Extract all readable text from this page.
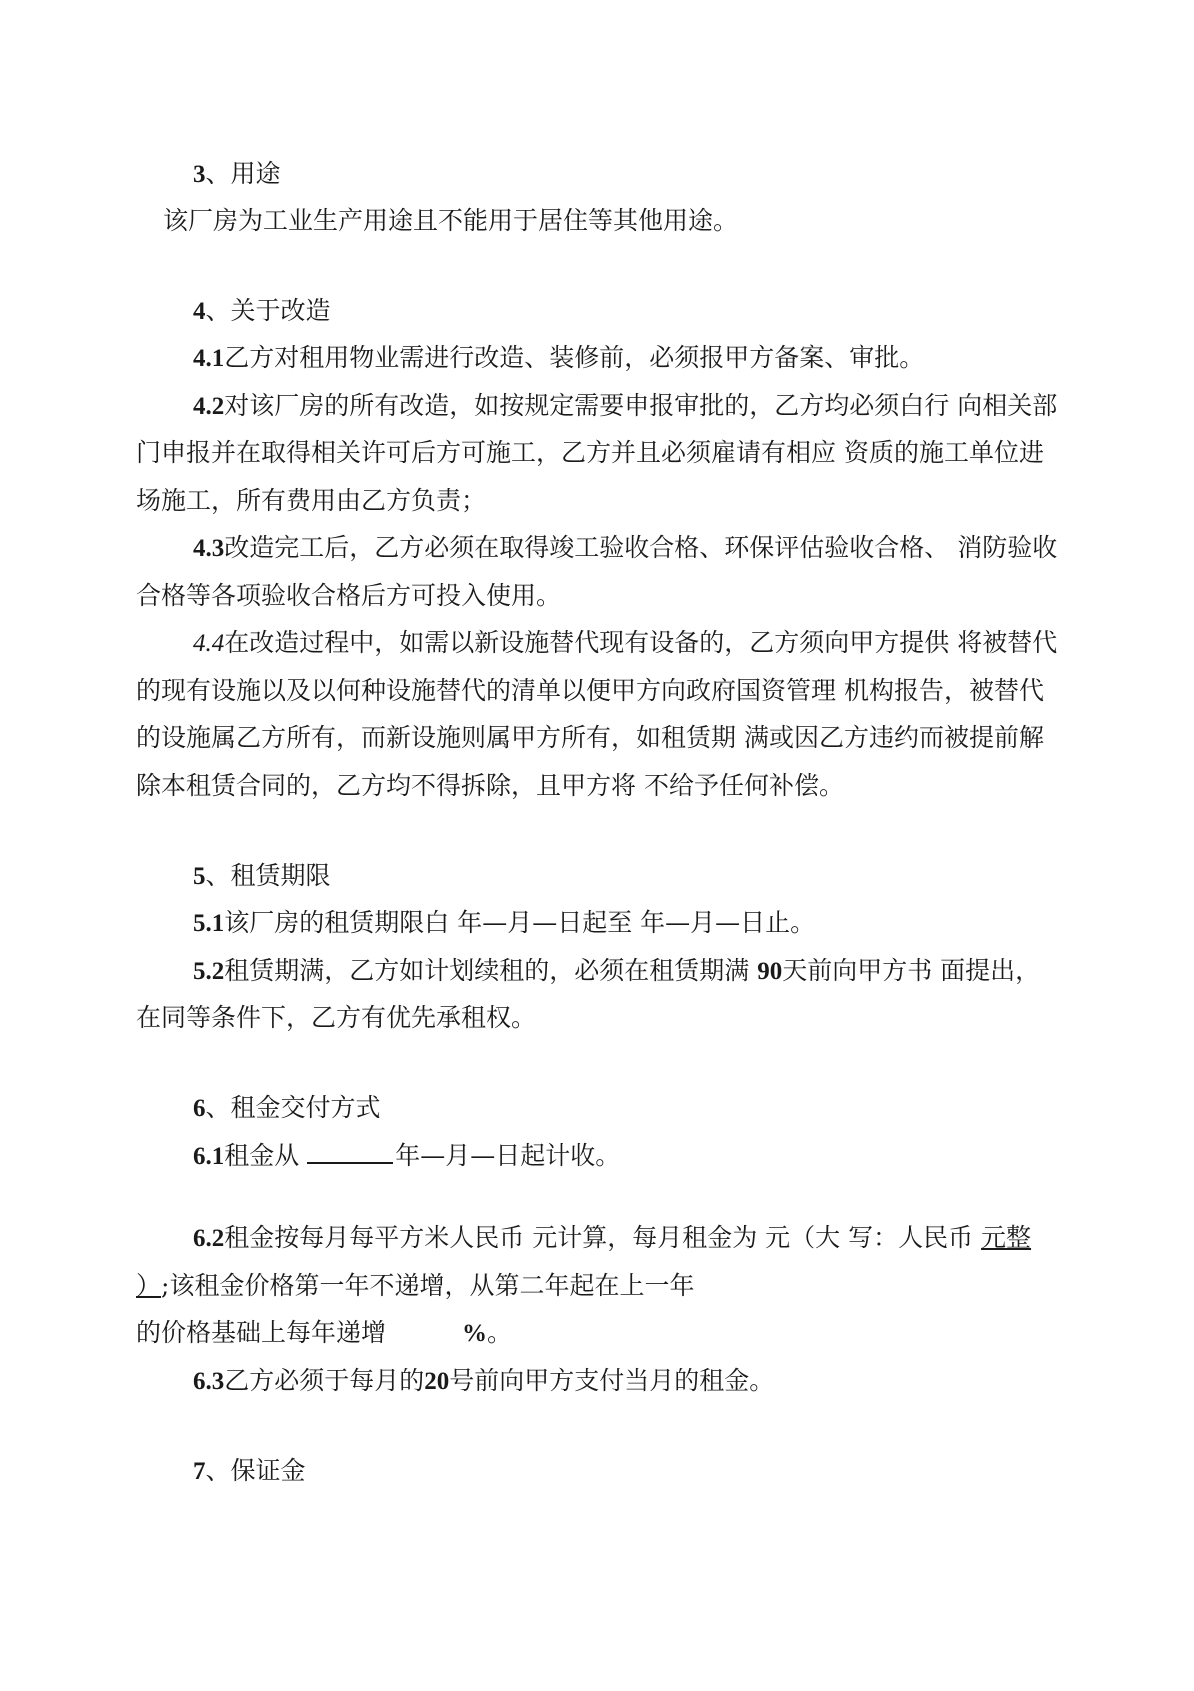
3、用途
该厂房为工业生产用途且不能用于居住等其他用途。
4、关于改造
4.1乙方对租用物业需进行改造、装修前，必须报甲方备案、审批。
4.2对该厂房的所有改造，如按规定需要申报审批的，乙方均必须白行 向相关部
门申报并在取得相关许可后方可施工，乙方并且必须雇请有相应 资质的施工单位进
场施工，所有费用由乙方负责；
4.3改造完工后，乙方必须在取得竣工验收合格、环保评估验收合格、 消防验收
合格等各项验收合格后方可投入使用。
4.4在改造过程中，如需以新设施替代现有设备的，乙方须向甲方提供 将被替代
的现有设施以及以何种设施替代的清单以便甲方向政府国资管理 机构报告，被替代
的设施属乙方所有，而新设施则属甲方所有，如租赁期 满或因乙方违约而被提前解
除本租赁合同的，乙方均不得拆除，且甲方将 不给予任何补偿。
5、租赁期限
5.1该厂房的租赁期限白 年—月—日起至 年—月—日止。
5.2租赁期满，乙方如计划续租的，必须在租赁期满 90天前向甲方书 面提出，
在同等条件下，乙方有优先承租权。
6、租金交付方式
6.1租金从	年—月—日起计收。
6.2租金按每月每平方米人民币 元计算，每月租金为 元（大 写：人民币 元整
）;该租金价格第一年不递增，从第二年起在上一年
的价格基础上每年递增	%。
6.3乙方必须于每月的20号前向甲方支付当月的租金。
7、保证金
